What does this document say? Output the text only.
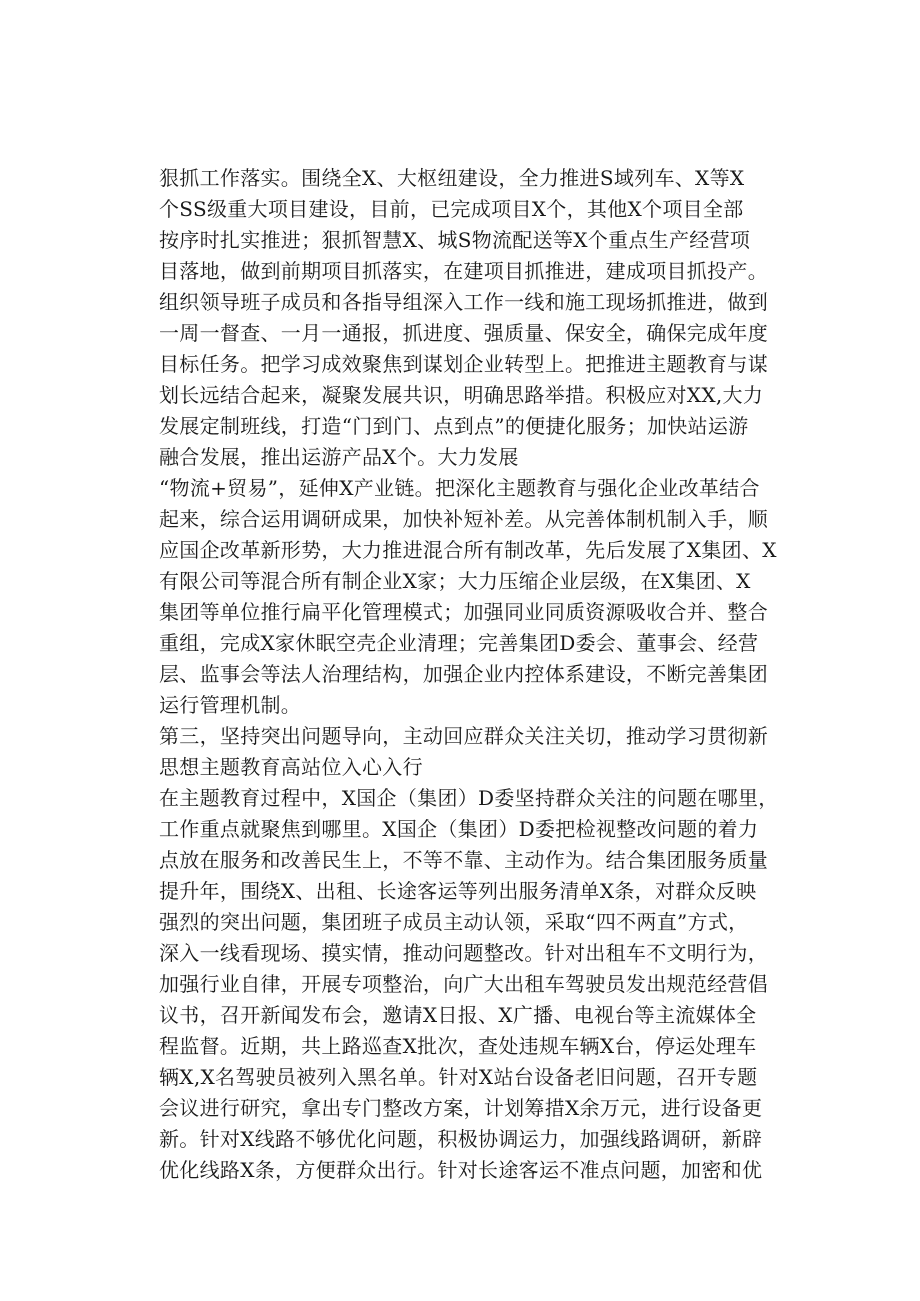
狠抓工作落实。围绕全X、大枢纽建设，全力推进S域列车、X等X
个SS级重大项目建设，目前，已完成项目X个，其他X个项目全部
按序时扎实推进；狠抓智慧X、城S物流配送等X个重点生产经营项
目落地，做到前期项目抓落实，在建项目抓推进，建成项目抓投产。
组织领导班子成员和各指导组深入工作一线和施工现场抓推进，做到
一周一督查、一月一通报，抓进度、强质量、保安全，确保完成年度
目标任务。把学习成效聚焦到谋划企业转型上。把推进主题教育与谋
划长远结合起来，凝聚发展共识，明确思路举措。积极应对XX,大力
发展定制班线，打造“门到门、点到点”的便捷化服务；加快站运游
融合发展，推出运游产品X个。大力发展
“物流+贸易”，延伸X产业链。把深化主题教育与强化企业改革结合
起来，综合运用调研成果，加快补短补差。从完善体制机制入手，顺
应国企改革新形势，大力推进混合所有制改革，先后发展了X集团、X
有限公司等混合所有制企业X家；大力压缩企业层级，在X集团、X
集团等单位推行扁平化管理模式；加强同业同质资源吸收合并、整合
重组，完成X家休眠空壳企业清理；完善集团D委会、董事会、经营
层、监事会等法人治理结构，加强企业内控体系建设，不断完善集团
运行管理机制。
第三，坚持突出问题导向，主动回应群众关注关切，推动学习贯彻新
思想主题教育高站位入心入行
在主题教育过程中，X国企（集团）D委坚持群众关注的问题在哪里，
工作重点就聚焦到哪里。X国企（集团）D委把检视整改问题的着力
点放在服务和改善民生上，不等不靠、主动作为。结合集团服务质量
提升年，围绕X、出租、长途客运等列出服务清单X条，对群众反映
强烈的突出问题，集团班子成员主动认领，采取“四不两直”方式，
深入一线看现场、摸实情，推动问题整改。针对出租车不文明行为，
加强行业自律，开展专项整治，向广大出租车驾驶员发出规范经营倡
议书，召开新闻发布会，邀请X日报、X广播、电视台等主流媒体全
程监督。近期，共上路巡查X批次，查处违规车辆X台，停运处理车
辆X,X名驾驶员被列入黑名单。针对X站台设备老旧问题，召开专题
会议进行研究，拿出专门整改方案，计划筹措X余万元，进行设备更
新。针对X线路不够优化问题，积极协调运力，加强线路调研，新辟
优化线路X条，方便群众出行。针对长途客运不准点问题，加密和优
